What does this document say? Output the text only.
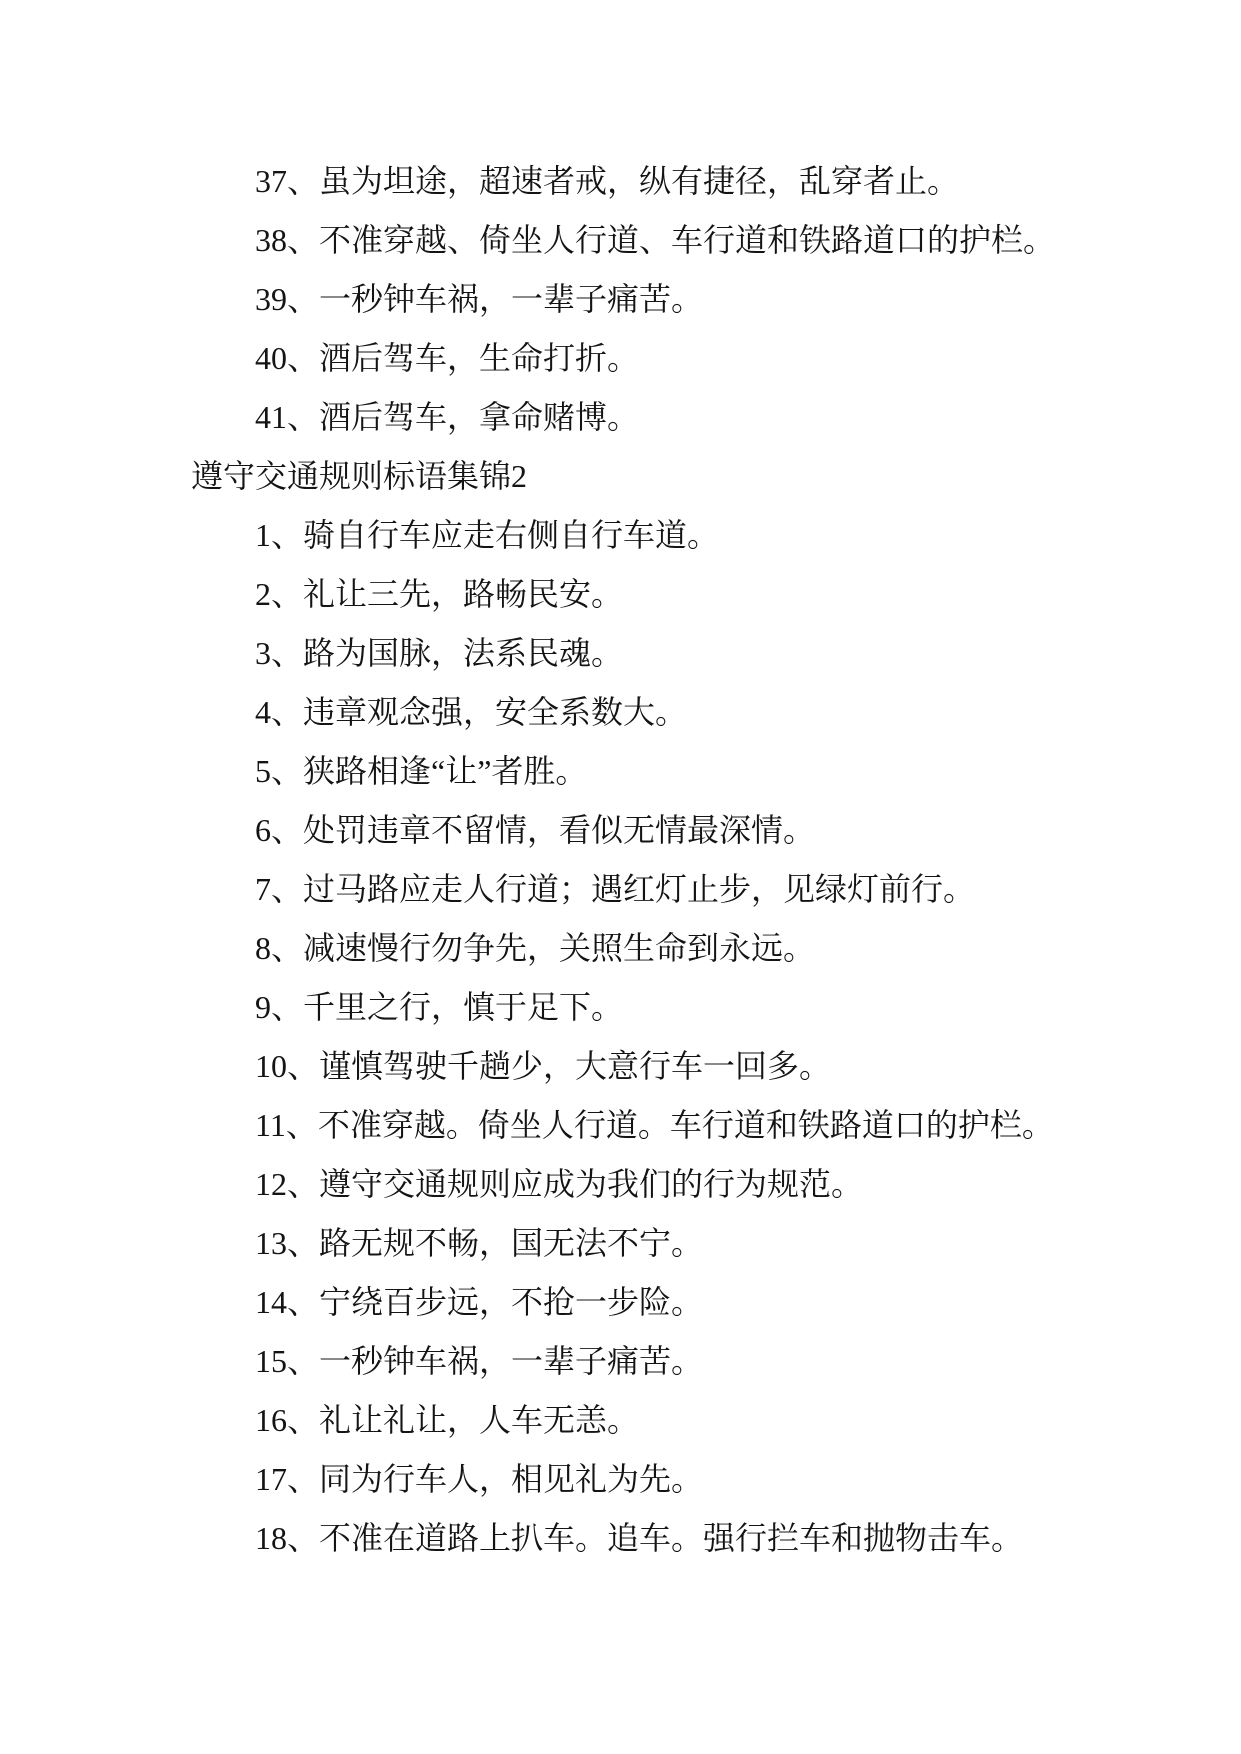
37、虽为坦途，超速者戒，纵有捷径，乱穿者止。

38、不准穿越、倚坐人行道、车行道和铁路道口的护栏。

39、一秒钟车祸，一辈子痛苦。

40、酒后驾车，生命打折。

41、酒后驾车，拿命赌博。

遵守交通规则标语集锦2

1、骑自行车应走右侧自行车道。

2、礼让三先，路畅民安。

3、路为国脉，法系民魂。

4、违章观念强，安全系数大。

5、狭路相逢“让”者胜。

6、处罚违章不留情，看似无情最深情。

7、过马路应走人行道；遇红灯止步，见绿灯前行。

8、减速慢行勿争先，关照生命到永远。

9、千里之行，慎于足下。

10、谨慎驾驶千趟少，大意行车一回多。

11、不准穿越。倚坐人行道。车行道和铁路道口的护栏。

12、遵守交通规则应成为我们的行为规范。

13、路无规不畅，国无法不宁。

14、宁绕百步远，不抢一步险。

15、一秒钟车祸，一辈子痛苦。

16、礼让礼让，人车无恙。

17、同为行车人，相见礼为先。

18、不准在道路上扒车。追车。强行拦车和抛物击车。
